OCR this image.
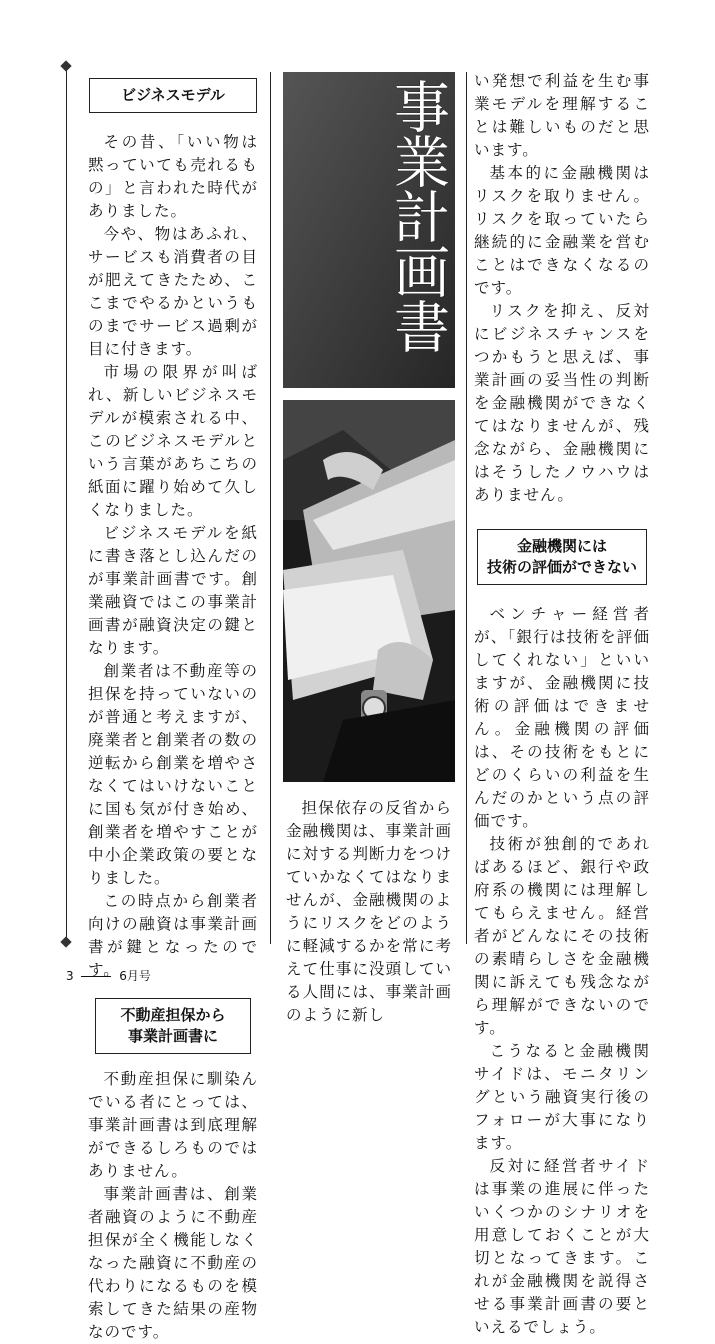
ビジネスモデル

その昔、「いい物は黙っていても売れるもの」と言われた時代がありました。

今や、物はあふれ、サービスも消費者の目が肥えてきたため、ここまでやるかというものまでサービス過剰が目に付きます。

市場の限界が叫ばれ、新しいビジネスモデルが模索される中、このビジネスモデルという言葉があちこちの紙面に躍り始めて久しくなりました。

ビジネスモデルを紙に書き落とし込んだのが事業計画書です。創業融資ではこの事業計画書が融資決定の鍵となります。

創業者は不動産等の担保を持っていないのが普通と考えますが、廃業者と創業者の数の逆転から創業を増やさなくてはいけないことに国も気が付き始め、創業者を増やすことが中小企業政策の要となりました。

この時点から創業者向けの融資は事業計画書が鍵となったのです。

不動産担保から
事業計画書に

不動産担保に馴染んでいる者にとっては、事業計画書は到底理解ができるしろものではありません。

事業計画書は、創業者融資のように不動産担保が全く機能しなくなった融資に不動産の代わりになるものを模索してきた結果の産物なのです。

事業計画書

担保依存の反省から金融機関は、事業計画に対する判断力をつけていかなくてはなりませんが、金融機関のようにリスクをどのように軽減するかを常に考えて仕事に没頭している人間には、事業計画のように新し

い発想で利益を生む事業モデルを理解することは難しいものだと思います。

基本的に金融機関はリスクを取りません。リスクを取っていたら継続的に金融業を営むことはできなくなるのです。

リスクを抑え、反対にビジネスチャンスをつかもうと思えば、事業計画の妥当性の判断を金融機関ができなくてはなりませんが、残念ながら、金融機関にはそうしたノウハウはありません。

金融機関には
技術の評価ができない

ベンチャー経営者が、「銀行は技術を評価してくれない」といいますが、金融機関に技術の評価はできません。金融機関の評価は、その技術をもとにどのくらいの利益を生んだのかという点の評価です。

技術が独創的であればあるほど、銀行や政府系の機関には理解してもらえません。経営者がどんなにその技術の素晴らしさを金融機関に訴えても残念ながら理解ができないのです。

こうなると金融機関サイドは、モニタリングという融資実行後のフォローが大事になります。

反対に経営者サイドは事業の進展に伴ったいくつかのシナリオを用意しておくことが大切となってきます。これが金融機関を説得させる事業計画書の要といえるでしょう。

3	6月号
